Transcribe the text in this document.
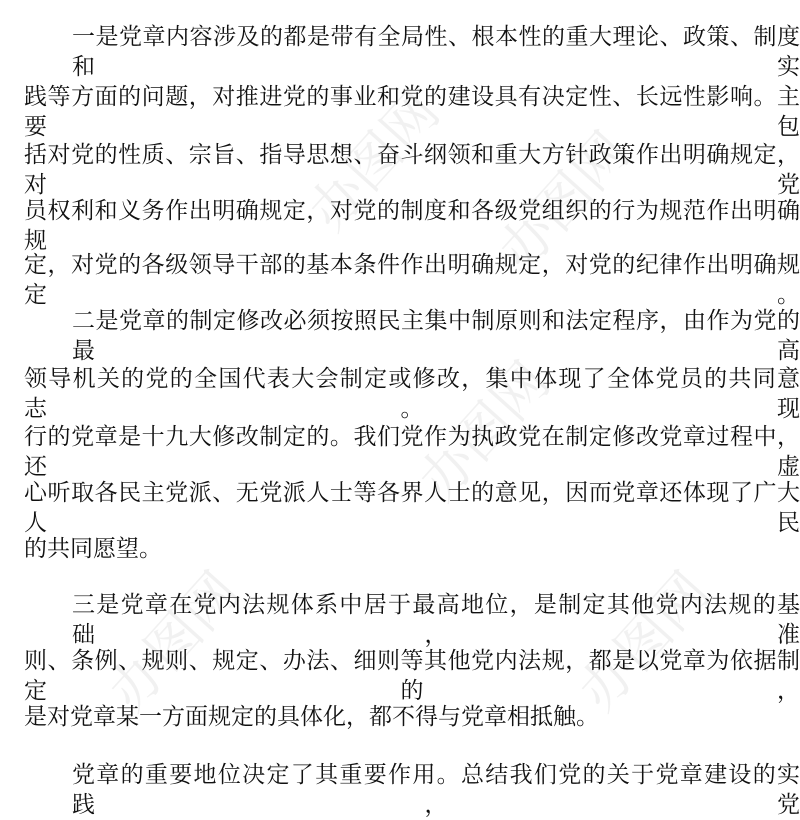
办图网 办图网
办图网
办图网	办图网
一是党章内容涉及的都是带有全局性、根本性的重大理论、政策、制度和实
践等方面的问题，对推进党的事业和党的建设具有决定性、长远性影响。主要包
括对党的性质、宗旨、指导思想、奋斗纲领和重大方针政策作出明确规定，对党
员权利和义务作出明确规定，对党的制度和各级党组织的行为规范作出明确规
定，对党的各级领导干部的基本条件作出明确规定，对党的纪律作出明确规定。
二是党章的制定修改必须按照民主集中制原则和法定程序，由作为党的最高
领导机关的党的全国代表大会制定或修改，集中体现了全体党员的共同意志。现
行的党章是十九大修改制定的。我们党作为执政党在制定修改党章过程中，还虚
心听取各民主党派、无党派人士等各界人士的意见，因而党章还体现了广大人民
的共同愿望。
三是党章在党内法规体系中居于最高地位，是制定其他党内法规的基础，准
则、条例、规则、规定、办法、细则等其他党内法规，都是以党章为依据制定的，
是对党章某一方面规定的具体化，都不得与党章相抵触。
党章的重要地位决定了其重要作用。总结我们党的关于党章建设的实践，党
